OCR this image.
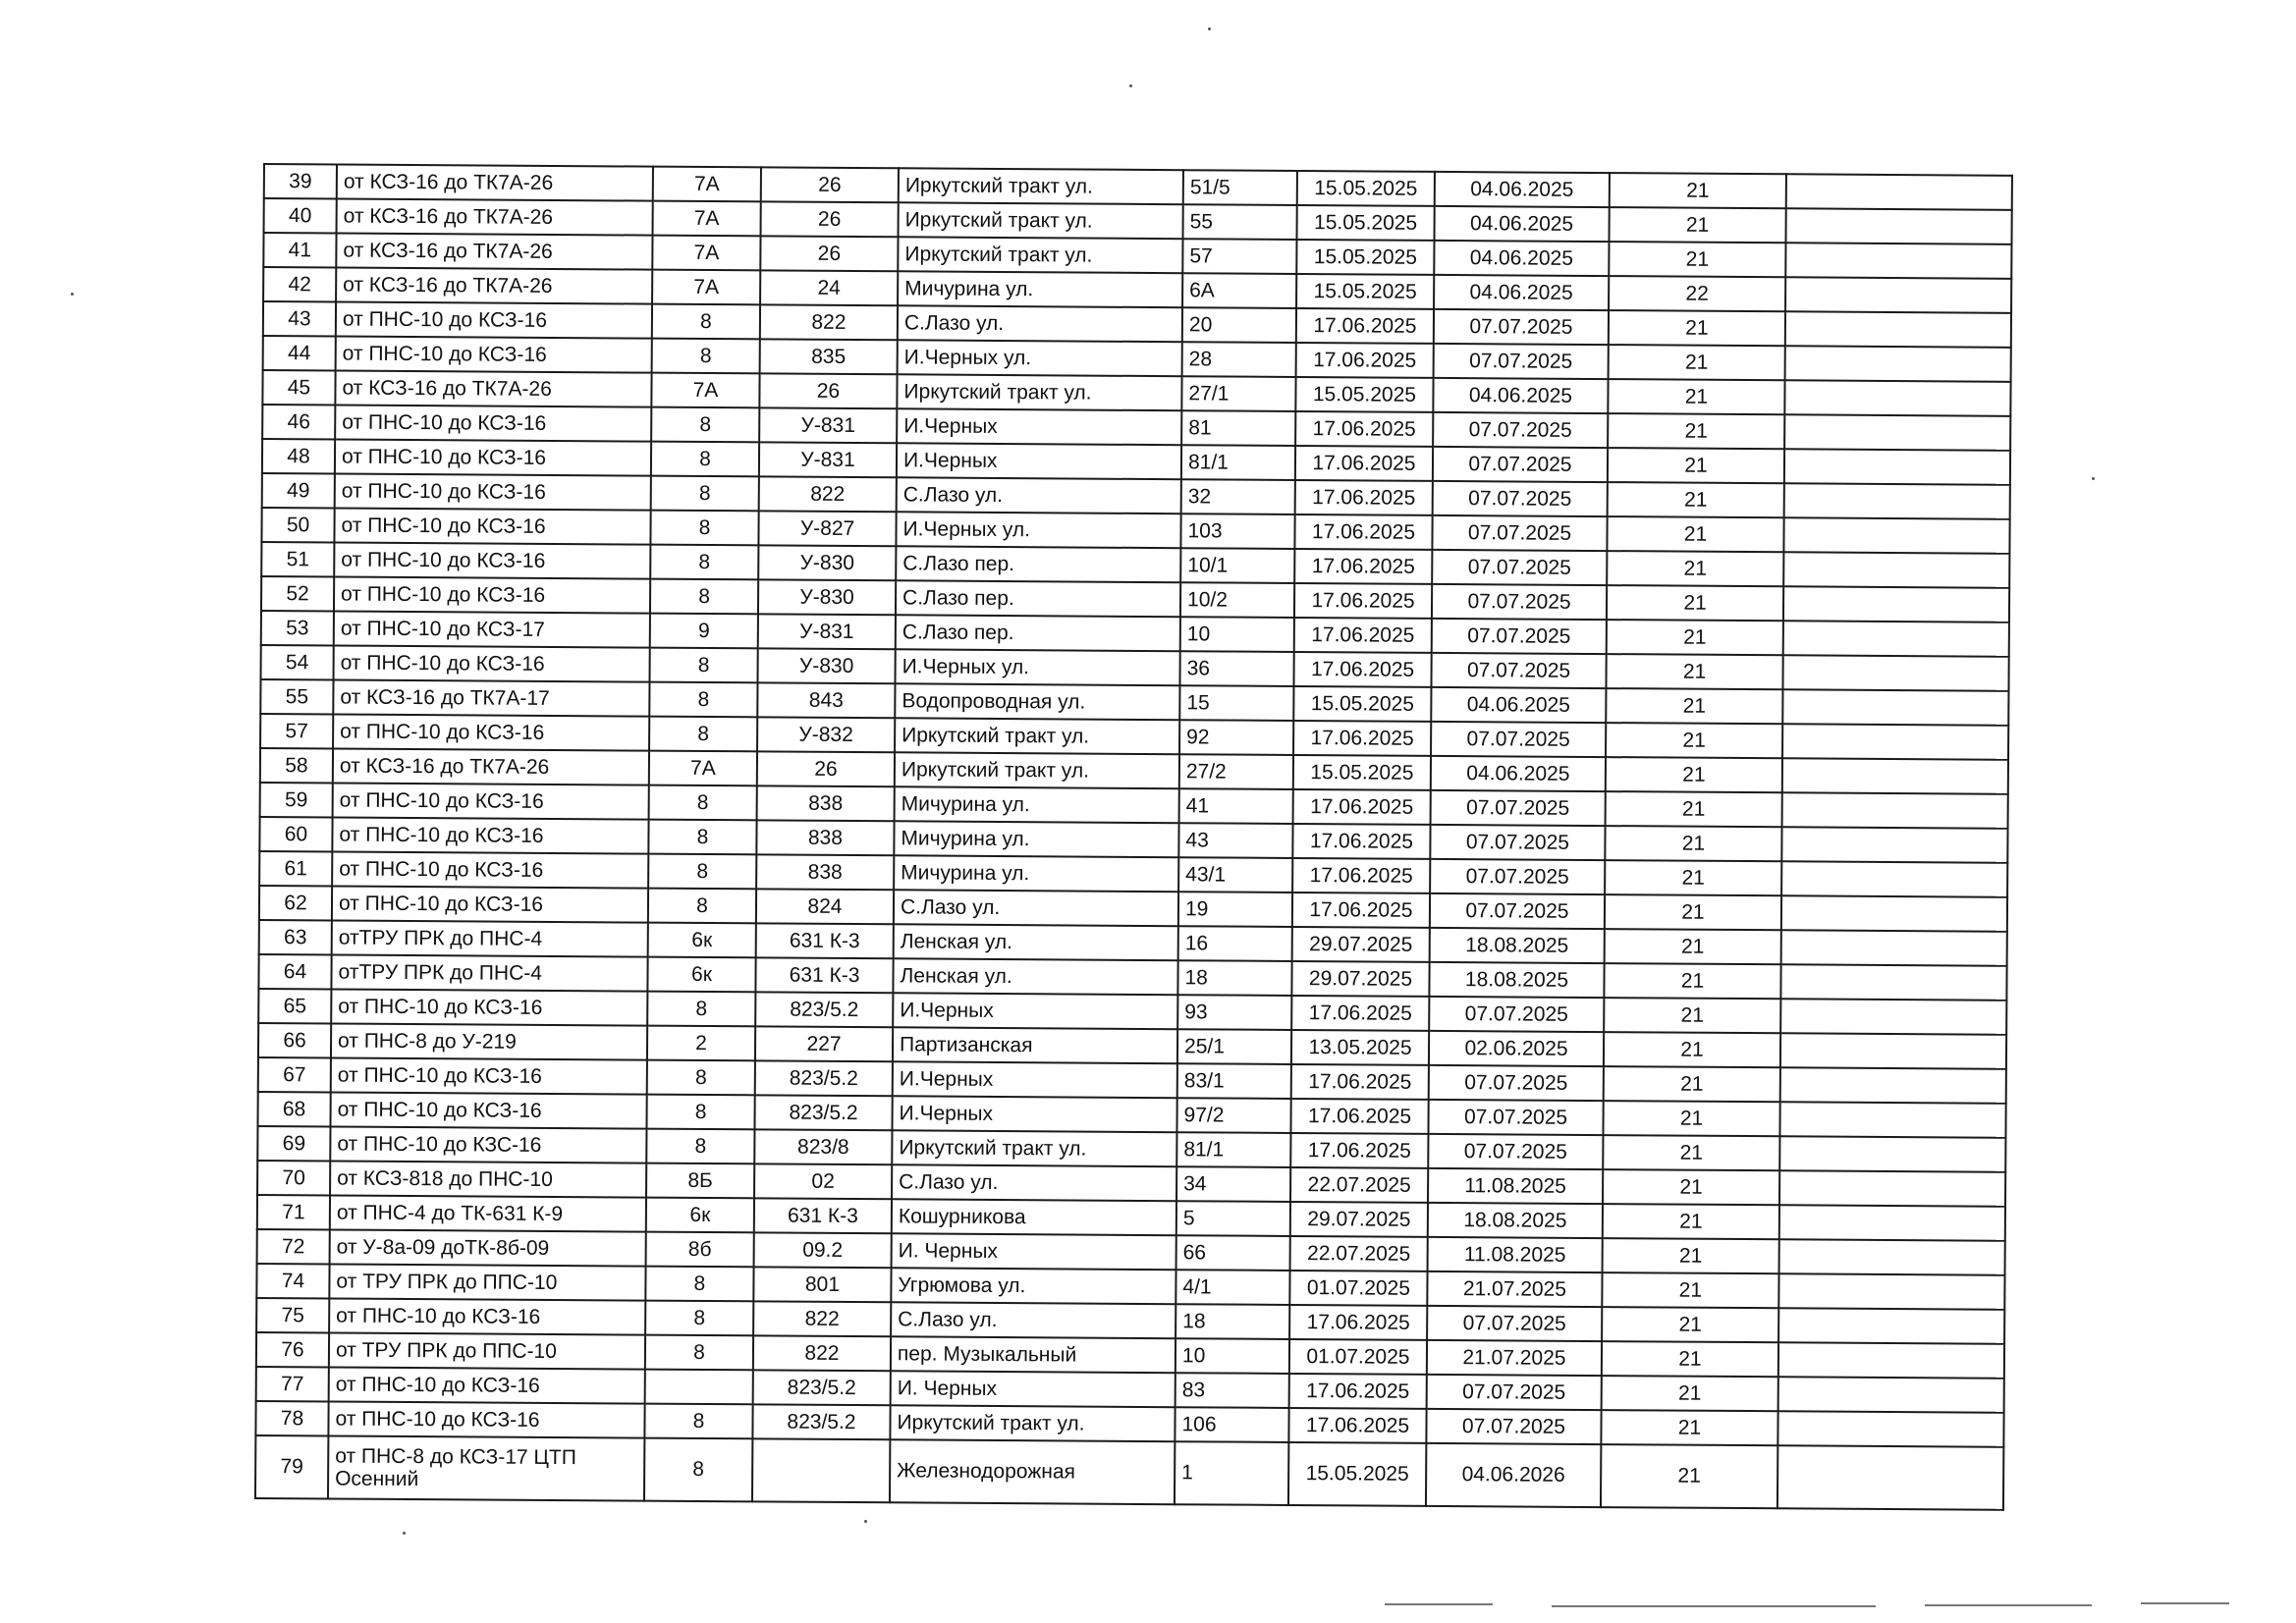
39	от КСЗ-16 до ТК7А-26	7А	26	Иркутский тракт ул.	51/5	15.05.2025	04.06.2025	21	
40	от КСЗ-16 до ТК7А-26	7А	26	Иркутский тракт ул.	55	15.05.2025	04.06.2025	21	
41	от КСЗ-16 до ТК7А-26	7А	26	Иркутский тракт ул.	57	15.05.2025	04.06.2025	21	
42	от КСЗ-16 до ТК7А-26	7А	24	Мичурина ул.	6А	15.05.2025	04.06.2025	22	
43	от ПНС-10 до КСЗ-16	8	822	С.Лазо ул.	20	17.06.2025	07.07.2025	21	
44	от ПНС-10 до КСЗ-16	8	835	И.Черных ул.	28	17.06.2025	07.07.2025	21	
45	от КСЗ-16 до ТК7А-26	7А	26	Иркутский тракт ул.	27/1	15.05.2025	04.06.2025	21	
46	от ПНС-10 до КСЗ-16	8	У-831	И.Черных	81	17.06.2025	07.07.2025	21	
48	от ПНС-10 до КСЗ-16	8	У-831	И.Черных	81/1	17.06.2025	07.07.2025	21	
49	от ПНС-10 до КСЗ-16	8	822	С.Лазо ул.	32	17.06.2025	07.07.2025	21	
50	от ПНС-10 до КСЗ-16	8	У-827	И.Черных ул.	103	17.06.2025	07.07.2025	21	
51	от ПНС-10 до КСЗ-16	8	У-830	С.Лазо пер.	10/1	17.06.2025	07.07.2025	21	
52	от ПНС-10 до КСЗ-16	8	У-830	С.Лазо пер.	10/2	17.06.2025	07.07.2025	21	
53	от ПНС-10 до КСЗ-17	9	У-831	С.Лазо пер.	10	17.06.2025	07.07.2025	21	
54	от ПНС-10 до КСЗ-16	8	У-830	И.Черных ул.	36	17.06.2025	07.07.2025	21	
55	от КСЗ-16 до ТК7А-17	8	843	Водопроводная ул.	15	15.05.2025	04.06.2025	21	
57	от ПНС-10 до КСЗ-16	8	У-832	Иркутский тракт ул.	92	17.06.2025	07.07.2025	21	
58	от КСЗ-16 до ТК7А-26	7А	26	Иркутский тракт ул.	27/2	15.05.2025	04.06.2025	21	
59	от ПНС-10 до КСЗ-16	8	838	Мичурина ул.	41	17.06.2025	07.07.2025	21	
60	от ПНС-10 до КСЗ-16	8	838	Мичурина ул.	43	17.06.2025	07.07.2025	21	
61	от ПНС-10 до КСЗ-16	8	838	Мичурина ул.	43/1	17.06.2025	07.07.2025	21	
62	от ПНС-10 до КСЗ-16	8	824	С.Лазо ул.	19	17.06.2025	07.07.2025	21	
63	отТРУ ПРК до ПНС-4	6к	631 К-3	Ленская ул.	16	29.07.2025	18.08.2025	21	
64	отТРУ ПРК до ПНС-4	6к	631 К-3	Ленская ул.	18	29.07.2025	18.08.2025	21	
65	от ПНС-10 до КСЗ-16	8	823/5.2	И.Черных	93	17.06.2025	07.07.2025	21	
66	от ПНС-8 до У-219	2	227	Партизанская	25/1	13.05.2025	02.06.2025	21	
67	от ПНС-10 до КСЗ-16	8	823/5.2	И.Черных	83/1	17.06.2025	07.07.2025	21	
68	от ПНС-10 до КСЗ-16	8	823/5.2	И.Черных	97/2	17.06.2025	07.07.2025	21	
69	от ПНС-10 до КЗС-16	8	823/8	Иркутский тракт ул.	81/1	17.06.2025	07.07.2025	21	
70	от КСЗ-818 до ПНС-10	8Б	02	С.Лазо ул.	34	22.07.2025	11.08.2025	21	
71	от ПНС-4 до ТК-631 К-9	6к	631 К-3	Кошурникова	5	29.07.2025	18.08.2025	21	
72	от У-8а-09 доТК-8б-09	8б	09.2	И. Черных	66	22.07.2025	11.08.2025	21	
74	от ТРУ ПРК до ППС-10	8	801	Угрюмова ул.	4/1	01.07.2025	21.07.2025	21	
75	от ПНС-10 до КСЗ-16	8	822	С.Лазо ул.	18	17.06.2025	07.07.2025	21	
76	от ТРУ ПРК до ППС-10	8	822	пер. Музыкальный	10	01.07.2025	21.07.2025	21	
77	от ПНС-10 до КСЗ-16		823/5.2	И. Черных	83	17.06.2025	07.07.2025	21	
78	от ПНС-10 до КСЗ-16	8	823/5.2	Иркутский тракт ул.	106	17.06.2025	07.07.2025	21	
79	от ПНС-8 до КСЗ-17 ЦТП Осенний	8		Железнодорожная	1	15.05.2025	04.06.2026	21	
